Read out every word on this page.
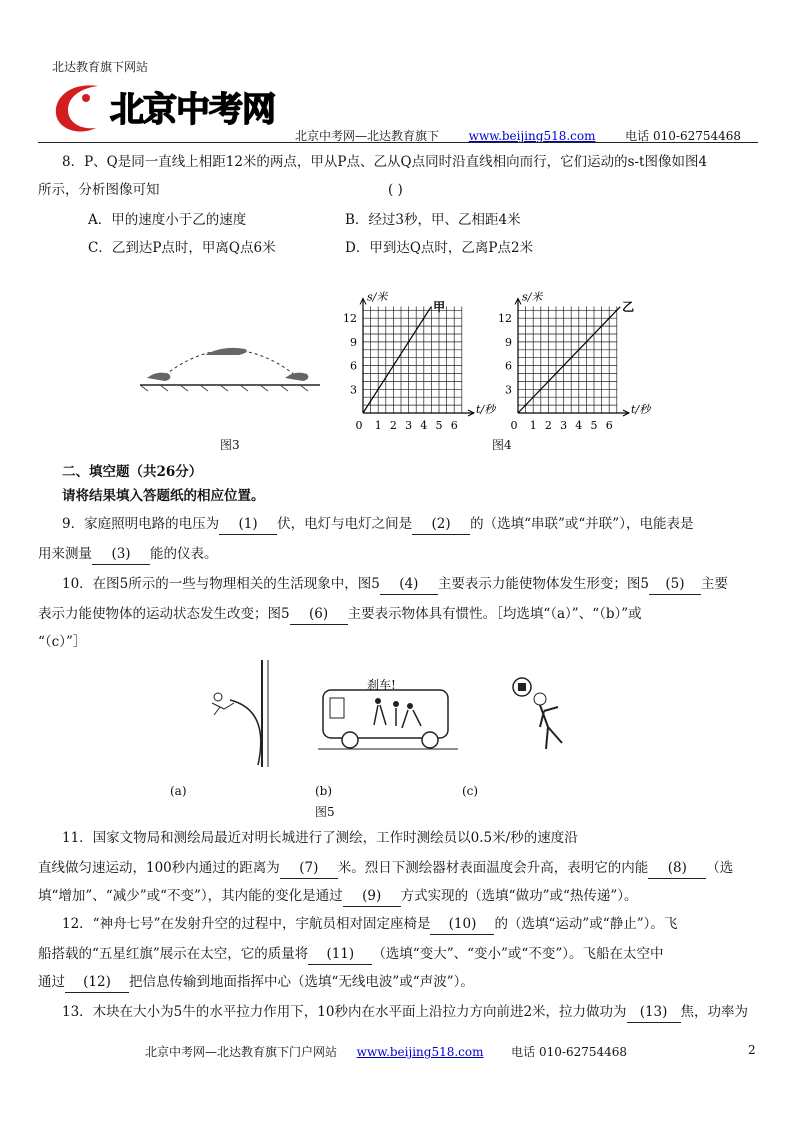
北达教育旗下网站
北京中考网
北京中考网—北达教育旗下 www.beijing518.com 电话 010-62754468
8．P、Q是同一直线上相距12米的两点，甲从P点、乙从Q点同时沿直线相向而行，它们运动的s-t图像如图4
所示，分析图像可知	( )
A．甲的速度小于乙的速度	B．经过3秒，甲、乙相距4米
C．乙到达P点时，甲离Q点6米	D．甲到达Q点时，乙离P点2米
图3
3
6
9
12
0 1 2 3 4 5 6
s/米
t/秒
甲
3
6
9
12
0 1 2 3 4 5 6
s/米
t/秒
乙
图4
二、填空题（共26分）
请将结果填入答题纸的相应位置。
9．家庭照明电路的电压为 (1) 伏，电灯与电灯之间是 (2) 的（选填“串联”或“并联”），电能表是
用来测量 (3) 能的仪表。
10．在图5所示的一些与物理相关的生活现象中，图5 (4) 主要表示力能使物体发生形变；图5 (5) 主要
表示力能使物体的运动状态发生改变；图5 (6) 主要表示物体具有惯性。［均选填“（a）”、“（b）”或
“（c）”］
刹车!
(a)	(b)	(c)
图5
11．国家文物局和测绘局最近对明长城进行了测绘，工作时测绘员以0.5米/秒的速度沿
直线做匀速运动，100秒内通过的距离为 (7) 米。烈日下测绘器材表面温度会升高，表明它的内能 (8) （选
填“增加”、“减少”或“不变”），其内能的变化是通过 (9) 方式实现的（选填“做功”或“热传递”）。
12．“神舟七号”在发射升空的过程中，宇航员相对固定座椅是 (10) 的（选填“运动”或“静止”）。飞
船搭载的“五星红旗”展示在太空，它的质量将 (11) （选填“变大”、“变小”或“不变”）。飞船在太空中
通过 (12) 把信息传输到地面指挥中心（选填“无线电波”或“声波”）。
13．木块在大小为5牛的水平拉力作用下，10秒内在水平面上沿拉力方向前进2米，拉力做功为 (13) 焦，功率为
北京中考网—北达教育旗下门户网站 www.beijing518.com 电话 010-62754468	2
